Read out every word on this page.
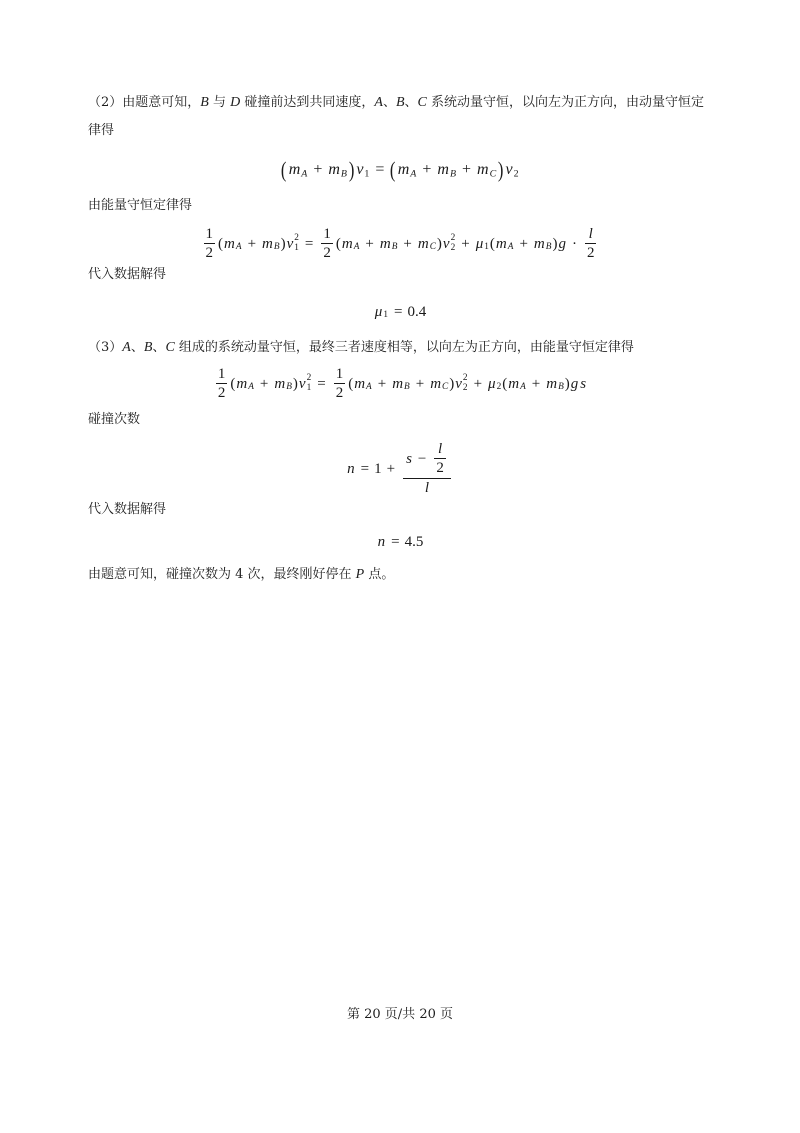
（2）由题意可知，B 与 D 碰撞前达到共同速度，A、B、C 系统动量守恒，以向左为正方向，由动量守恒定
律得
( m A + m B ) v 1 = ( m A + m B + m C ) v 2
由能量守恒定律得
$\frac{1}{2}$ ( m A + m B ) v 2
$1 = \frac{1}{2}$ ( m A + m B + m C ) v 2
2 + μ 1 ( m A + m B ) $g \cdot \frac{l}{2}$
代入数据解得
μ 1 = 0.4
（3）A、B、C 组成的系统动量守恒，最终三者速度相等，以向左为正方向，由能量守恒定律得
$\frac{1}{2}$ ( m A + m B ) v 2
$1 = \frac{1}{2}$ ( m A + m B + m C ) v 2
2 + μ 2 ( m A + m B ) g s
碰撞次数
$n = 1 + \frac{s - \frac{l}{2}}{l}$
代入数据解得
n = 4.5
由题意可知，碰撞次数为 4 次，最终刚好停在 P 点。
第 20 页/共 20 页
